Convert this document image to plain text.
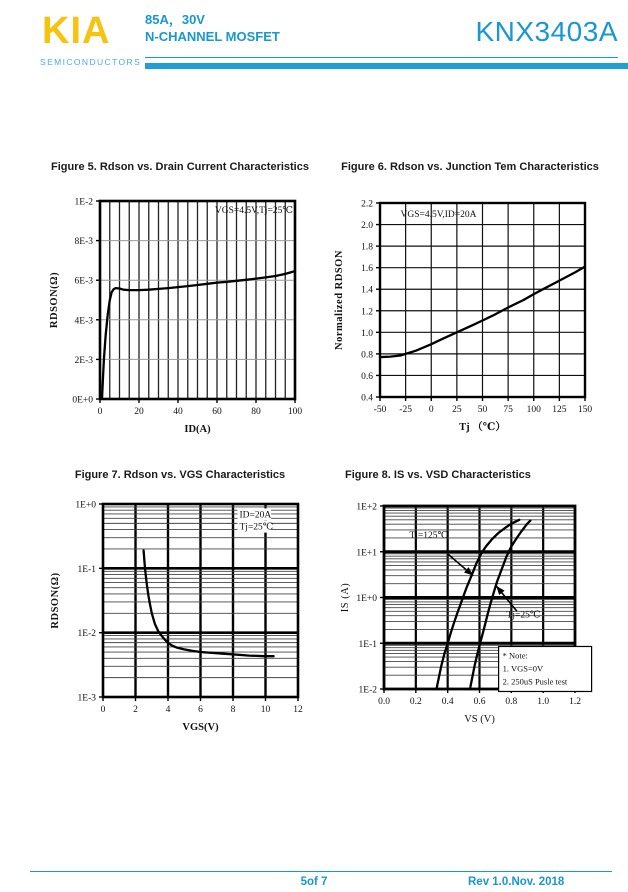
KIA
SEMICONDUCTORS
85A，30V
N-CHANNEL MOSFET	KNX3403A
Figure 5. Rdson vs. Drain Current Characteristics
0	20	40	60	80	100
0E+0
2E-3
4E-3
6E-3
8E-3
1E-2
ID(A)
RDSON(Ω)
VGS=4.5V,Tj=25℃
Figure 6. Rdson vs. Junction Tem Characteristics
-50 -25 0 25 50 75 100 125 150
0.4
0.6
0.8
1.0
1.2
1.4
1.6
1.8
2.0
2.2
Tj （℃）
Normalized RDSON
VGS=4.5V,ID=20A
Figure 7. Rdson vs. VGS Characteristics
0	2	4	6	8	10 12
1E-3
1E-2
1E-1
1E+0
VGS(V)
RDSON(Ω)
ID=20A
Tj=25℃
Figure 8. IS vs. VSD Characteristics
0.0 0.2 0.4 0.6 0.8 1.0 1.2
1E-2
1E-1
1E+0
1E+1
1E+2
VS (V)
IS (A)
Tj=125℃
Tj=25℃
* Note:
1. VGS=0V
2. 250uS Pusle test
5of 7	Rev 1.0.Nov. 2018
